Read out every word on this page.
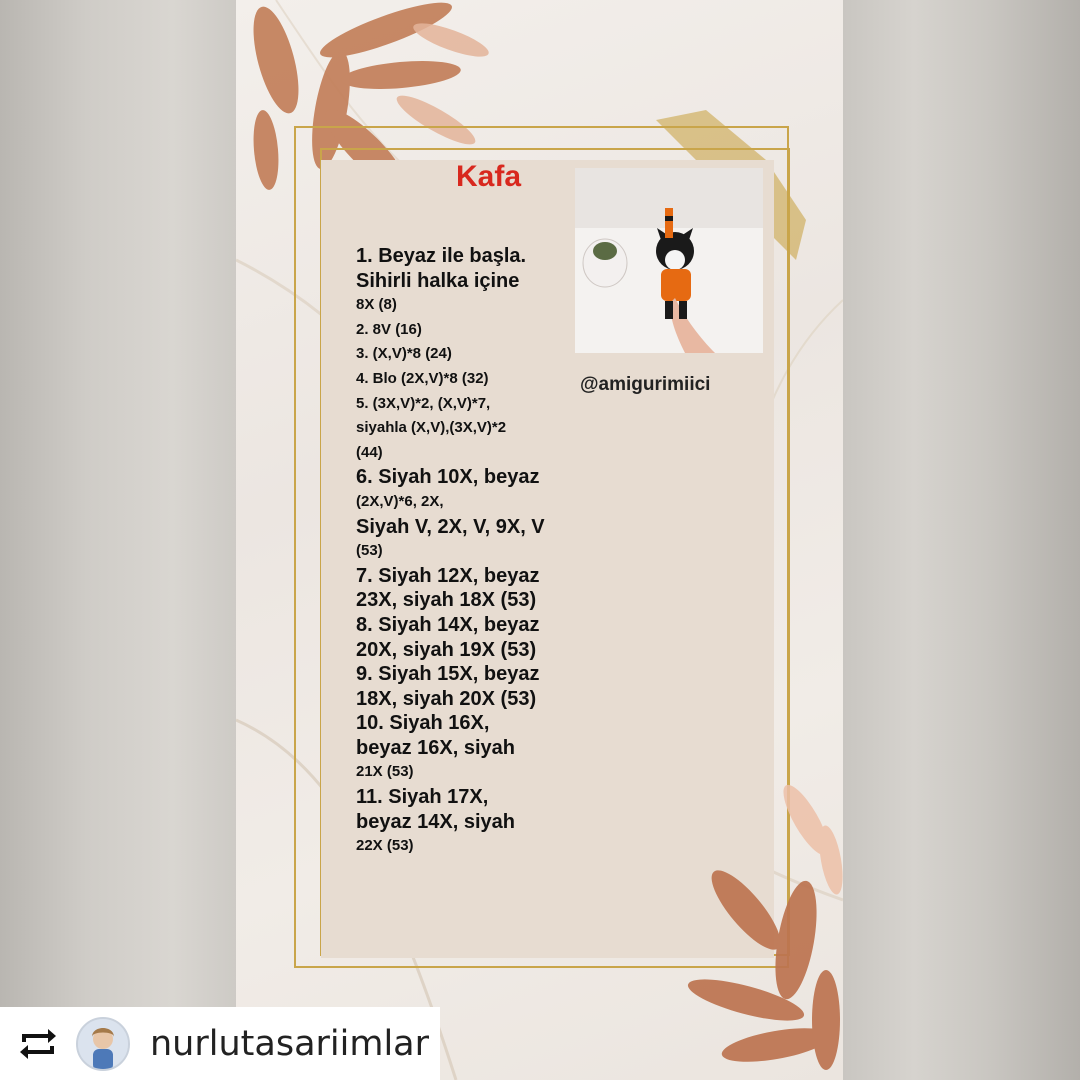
Kafa
1. Beyaz ile başla.
Sihirli halka içine
8X (8)
2. 8V (16)
3. (X,V)*8 (24)
4. Blo (2X,V)*8 (32)
5. (3X,V)*2, (X,V)*7,
siyahla (X,V),(3X,V)*2
(44)
6. Siyah 10X, beyaz
(2X,V)*6, 2X,
Siyah V, 2X, V, 9X, V
(53)
7. Siyah 12X, beyaz
23X, siyah 18X (53)
8. Siyah 14X, beyaz
20X, siyah 19X (53)
9. Siyah 15X, beyaz
18X, siyah 20X (53)
10. Siyah 16X,
beyaz 16X, siyah
21X (53)
11. Siyah 17X,
beyaz 14X, siyah
22X (53)
@amigurimiici
nurlutasariimlar
